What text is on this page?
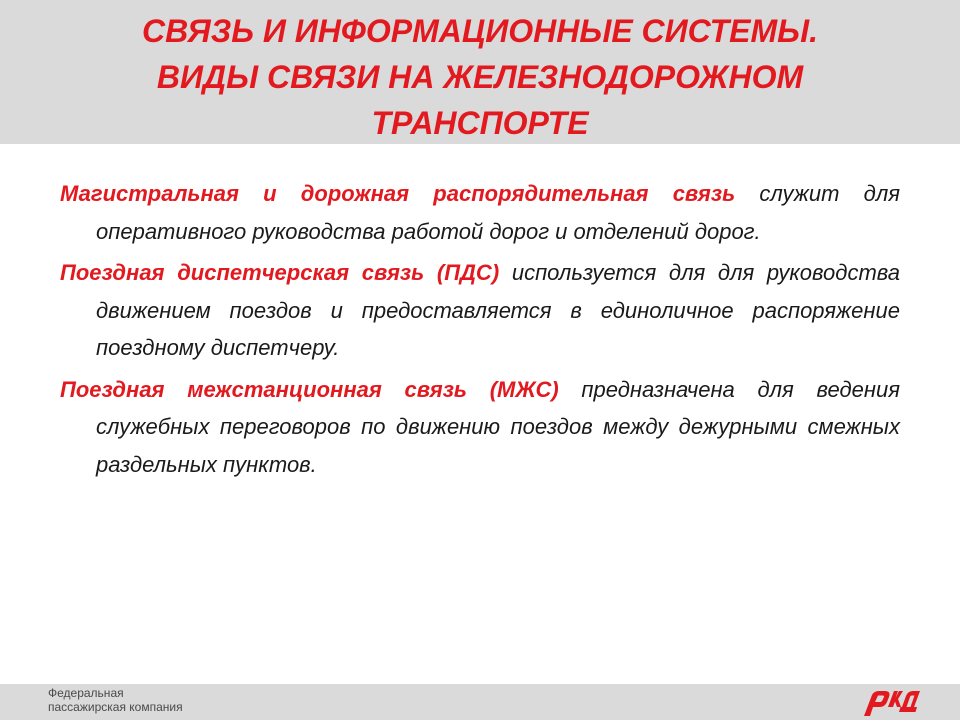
СВЯЗЬ И ИНФОРМАЦИОННЫЕ СИСТЕМЫ.
ВИДЫ СВЯЗИ НА ЖЕЛЕЗНОДОРОЖНОМ
ТРАНСПОРТЕ

Магистральная и дорожная распорядительная связь служит для оперативного руководства работой дорог и отделений дорог.

Поездная диспетчерская связь (ПДС) используется для для руководства движением поездов и предоставляется в единоличное распоряжение поездному диспетчеру.

Поездная межстанционная связь (МЖС) предназначена для ведения служебных переговоров по движению поездов между дежурными смежных раздельных пунктов.

Федеральная
пассажирская компания
